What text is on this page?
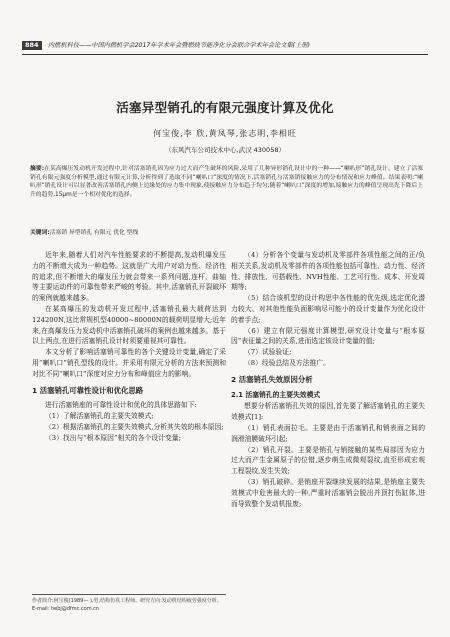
884	内燃机科技——中国内燃机学会2017年学术年会暨燃烧节能净化分会联合学术年会论文集(上册)
活塞异型销孔的有限元强度计算及优化
何宝俊,李 欣,黄凤琴,张志明,李相旺
（东风汽车公司技术中心,武汉 430058）
摘要:在某高爆压发动机开发过程中,针对活塞销孔因为应力过大而产生破坏的风险,采用了几种异形销孔设计中的一种——“喇叭形”销孔设计。建立了活塞销孔有限元强度分析模型,通过有限元计算,分析得到了选取不同“喇叭口”深度的情况下,活塞销孔与活塞销接触应力的分布情况和应力峰值。结果表明:“喇叭形”销孔设计可以显著改善活塞销孔内侧上边缘处的应力集中现象,使接触应力分布趋于均匀;随着“喇叭口”深度的增加,接触应力的峰值呈现出先下降后上升的趋势,15μm是一个相对优化的选择。
关键词:活塞销 异型销孔 有限元 优化 型线

近年来,随着人们对汽车性能要求的不断提高,发动机爆发压力的不断增大成为一种趋势。这就是广大用户对动力性、经济性的追求,但不断增大的爆发压力就会带来一系列问题,连杆、曲轴等主要运动件的可靠性带来严峻的考验。其中,活塞销孔开裂破坏的案例就越来越多。

在某高爆压的发动机开发过程中,活塞销孔最大载荷达到124200N,这比常规机型40000~80000N的载荷明显增大;近年来,在高爆发压力发动机中活塞销孔破坏的案例也越来越多。基于以上两点,在进行活塞销孔设计时须要重视其可靠性。

本文分析了影响活塞销可靠性的各个关键设计变量,确定了采用“喇叭口”销孔型线的设计。并采用有限元分析的方法来预测和对比不同“喇叭口”深度对应力分布和峰值应力的影响。

1 活塞销孔可靠性设计和优化思路

进行活塞销座的可靠性设计和优化的具体思路如下:

（1）了解活塞销孔的主要失效模式;

（2）根据活塞销孔的主要失效模式,分析其失效的根本原因;

（3）找出与“根本原因”相关的各个设计变量;

（4）分析各个变量与发动机及零部件各项性能之间的正/负相关关系,发动机及零部件的各项性能包括可靠性、动力性、经济性、排放性、可搭载性、NVH性能、工艺可行性、成本、开发周期等;

（5）结合该机型的设计构思中各性能的优先级,选定优化潜力较大、对其他性能负面影响尽可能小的设计变量作为优化设计的着手点;

（6）建立有限元强度计算模型,研究设计变量与“根本原因”表征量之间的关系,进而选定该设计变量的值;

（7）试验验证;

（8）经验总结及方法推广。

2 活塞销孔失效原因分析
2.1 活塞销孔的主要失效模式

想要分析活塞销孔失效的原因,首先要了解活塞销孔的主要失效模式[1]:

（1）销孔表面拉毛。主要是由于活塞销孔和销表面之间的润滑油膜破坏引起;

（2）销孔开裂。主要是销孔与销接触的某些局部因为应力过大而产生金属原子的位错,逐步萌生成微观裂纹,直至形成宏观工程裂纹,发生失效;

（3）销孔破碎。是销座开裂继续发展的结果,是销座主要失效模式中危害最大的一种,严重时活塞销会脱出并顶打伤缸体,进而导致整个发动机报废;

作者简介:何宝俊(1989— ),男,结构仿真工程师。研究方向:发动机结构疲劳强度分析。
E-mail: hebj@dfmc.com.cn
